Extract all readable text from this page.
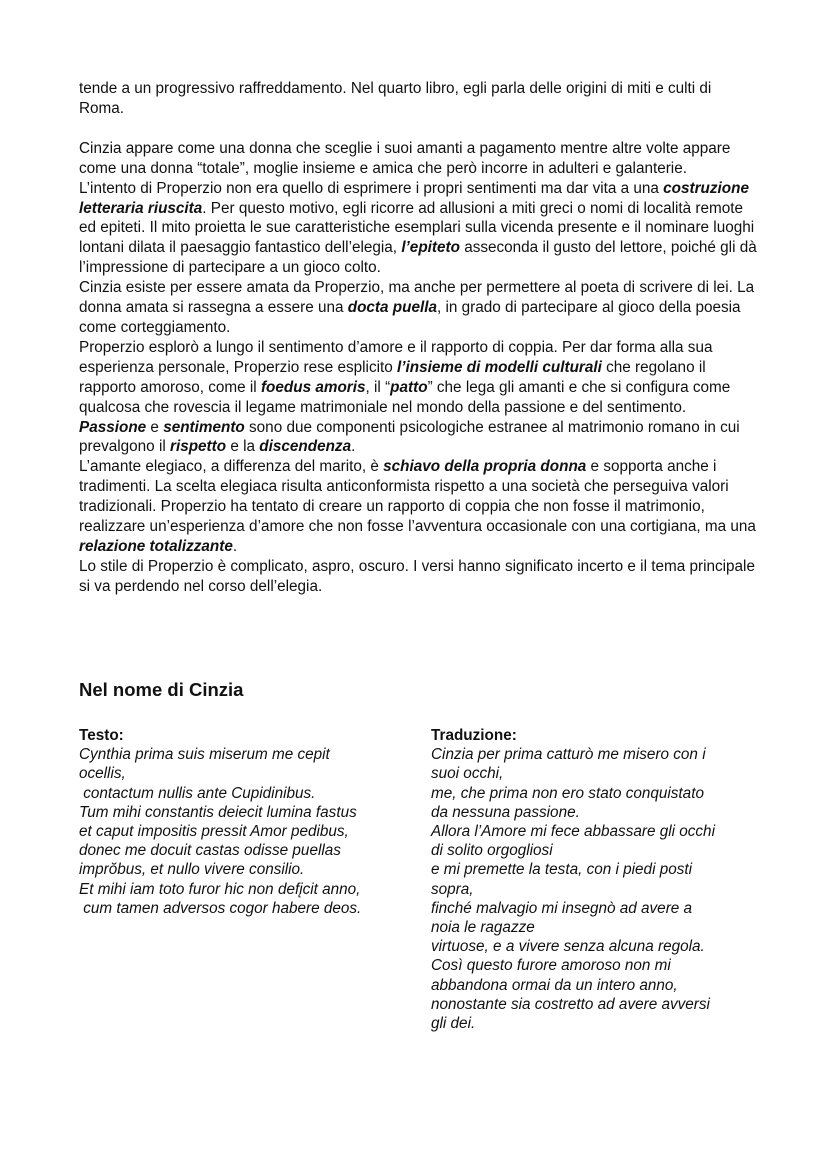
tende a un progressivo raffreddamento. Nel quarto libro, egli parla delle origini di miti e culti di Roma.

Cinzia appare come una donna che sceglie i suoi amanti a pagamento mentre altre volte appare come una donna “totale”, moglie insieme e amica che però incorre in adulteri e galanterie.

L’intento di Properzio non era quello di esprimere i propri sentimenti ma dar vita a una costruzione letteraria riuscita. Per questo motivo, egli ricorre ad allusioni a miti greci o nomi di località remote ed epiteti. Il mito proietta le sue caratteristiche esemplari sulla vicenda presente e il nominare luoghi lontani dilata il paesaggio fantastico dell’elegia, l’epiteto asseconda il gusto del lettore, poiché gli dà l’impressione di partecipare a un gioco colto.

Cinzia esiste per essere amata da Properzio, ma anche per permettere al poeta di scrivere di lei. La donna amata si rassegna a essere una docta puella, in grado di partecipare al gioco della poesia come corteggiamento.

Properzio esplorò a lungo il sentimento d’amore e il rapporto di coppia. Per dar forma alla sua esperienza personale, Properzio rese esplicito l’insieme di modelli culturali che regolano il rapporto amoroso, come il foedus amoris, il “patto” che lega gli amanti e che si configura come qualcosa che rovescia il legame matrimoniale nel mondo della passione e del sentimento.

Passione e sentimento sono due componenti psicologiche estranee al matrimonio romano in cui prevalgono il rispetto e la discendenza.

L’amante elegiaco, a differenza del marito, è schiavo della propria donna e sopporta anche i tradimenti. La scelta elegiaca risulta anticonformista rispetto a una società che perseguiva valori tradizionali. Properzio ha tentato di creare un rapporto di coppia che non fosse il matrimonio, realizzare un’esperienza d’amore che non fosse l’avventura occasionale con una cortigiana, ma una relazione totalizzante.

Lo stile di Properzio è complicato, aspro, oscuro. I versi hanno significato incerto e il tema principale si va perdendo nel corso dell’elegia.

Nel nome di Cinzia
Testo:
Cynthia prima suis miserum me cepit
ocellis,
contactum nullis ante Cupidinibus.
Tum mihi constantis deiecit lumina fastus
et caput impositis pressit Amor pedibus,
donec me docuit castas odisse puellas
imprŏbus, et nullo vivere consilio.
Et mihi iam toto furor hic non defįcit anno,
cum tamen adversos cogor habere deos.
Traduzione:
Cinzia per prima catturò me misero con i
suoi occhi,
me, che prima non ero stato conquistato
da nessuna passione.
Allora l’Amore mi fece abbassare gli occhi
di solito orgogliosi
e mi premette la testa, con i piedi posti
sopra,
finché malvagio mi insegnò ad avere a
noia le ragazze
virtuose, e a vivere senza alcuna regola.
Così questo furore amoroso non mi
abbandona ormai da un intero anno,
nonostante sia costretto ad avere avversi
gli dei.
